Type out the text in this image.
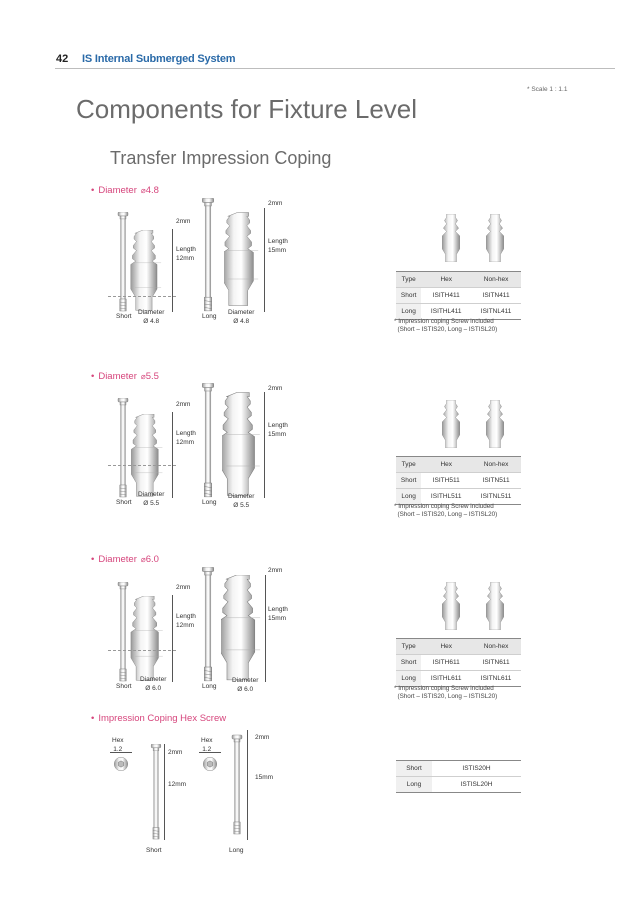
42 IS Internal Submerged System
* Scale 1 : 1.1
Components for Fixture Level
Transfer Impression Coping
• Diameter ⌀4.8
2mm
Length
12mm
Short
Diameter
Ø 4.8
2mm
Length
15mm
Long
Diameter
Ø 4.8
Type	Hex	Non-hex
Short	ISITH411	ISITN411
Long	ISITHL411	ISITNL411
* Impression coping Screw included
(Short – ISTIS20, Long – ISTISL20)
• Diameter ⌀5.5
2mm
Length
12mm
Short
Diameter
Ø 5.5
2mm
Length
15mm
Long
Diameter
Ø 5.5
Type	Hex	Non-hex
Short	ISITH511	ISITN511
Long	ISITHL511	ISITNL511
* Impression coping Screw included
(Short – ISTIS20, Long – ISTISL20)
• Diameter ⌀6.0
2mm
Length
12mm
Short
Diameter
Ø 6.0
2mm
Length
15mm
Long
Diameter
Ø 6.0
Type	Hex	Non-hex
Short	ISITH611	ISITN611
Long	ISITHL611	ISITNL611
* Impression coping Screw included
(Short – ISTIS20, Long – ISTISL20)
• Impression Coping Hex Screw
Hex
1.2	2mm
12mm
Short
Hex
1.2
2mm
15mm
Long
Short	ISTIS20H
Long	ISTISL20H
